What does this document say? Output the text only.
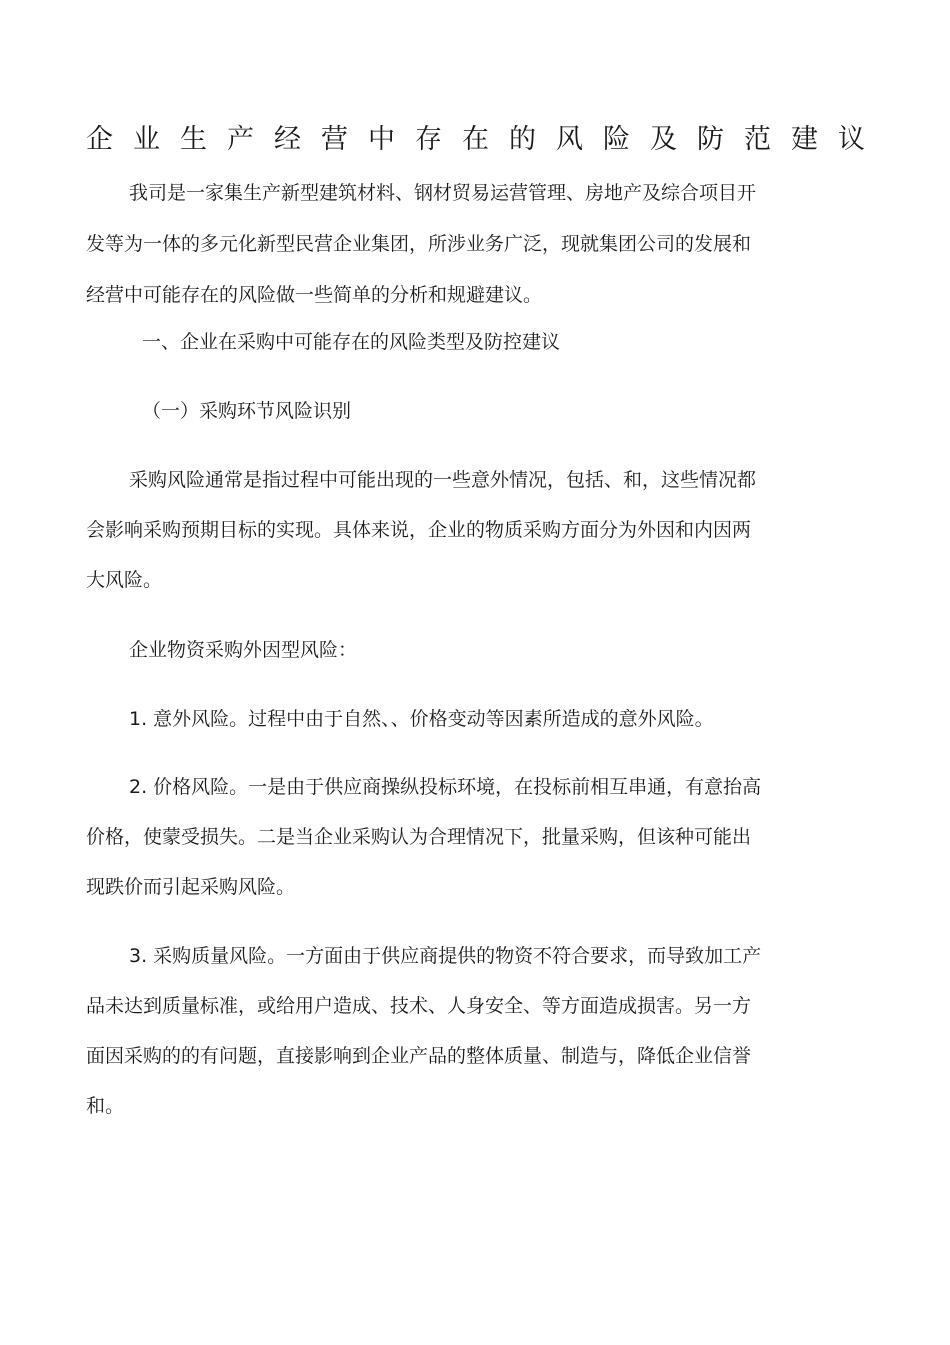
企业生产经营中存在的风险及防范建议

我司是一家集生产新型建筑材料、钢材贸易运营管理、房地产及综合项目开

发等为一体的多元化新型民营企业集团，所涉业务广泛，现就集团公司的发展和

经营中可能存在的风险做一些简单的分析和规避建议。

一、企业在采购中可能存在的风险类型及防控建议

（一）采购环节风险识别

采购风险通常是指过程中可能出现的一些意外情况，包括、和，这些情况都

会影响采购预期目标的实现。具体来说，企业的物质采购方面分为外因和内因两

大风险。

企业物资采购外因型风险：

1. 意外风险。过程中由于自然、、价格变动等因素所造成的意外风险。

2. 价格风险。一是由于供应商操纵投标环境，在投标前相互串通，有意抬高

价格，使蒙受损失。二是当企业采购认为合理情况下，批量采购，但该种可能出

现跌价而引起采购风险。

3. 采购质量风险。一方面由于供应商提供的物资不符合要求，而导致加工产

品未达到质量标准，或给用户造成、技术、人身安全、等方面造成损害。另一方

面因采购的的有问题，直接影响到企业产品的整体质量、制造与，降低企业信誉

和。
